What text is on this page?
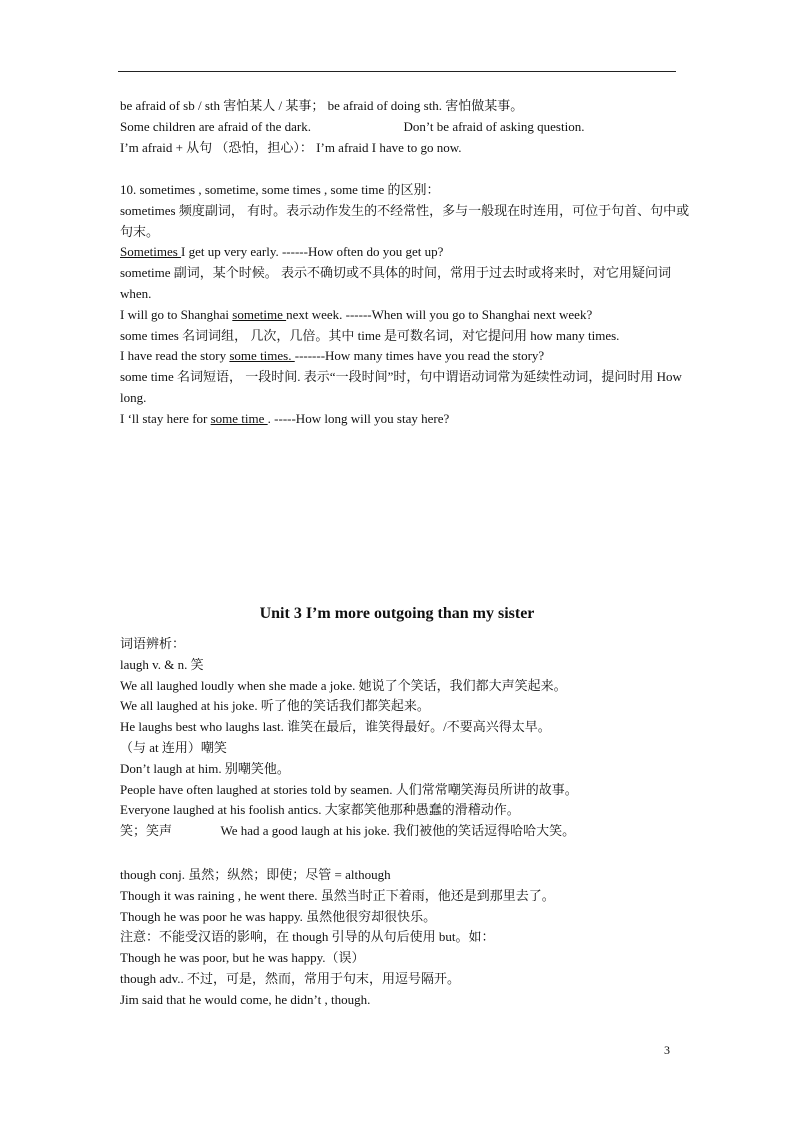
be afraid of sb / sth 害怕某人 / 某事； be afraid of doing sth. 害怕做某事。
Some children are afraid of the dark.	Don’t be afraid of asking question.
I’m afraid + 从句 （恐怕，担心）： I’m afraid I have to go now.
10. sometimes , sometime, some times , some time 的区别：
sometimes 频度副词， 有时。表示动作发生的不经常性，多与一般现在时连用，可位于句首、句中或句末。
Sometimes I get up very early. ------How often do you get up?
sometime 副词，某个时候。 表示不确切或不具体的时间，常用于过去时或将来时，对它用疑问词 when.
I will go to Shanghai sometime next week. ------When will you go to Shanghai next week?
some times 名词词组， 几次，几倍。其中 time 是可数名词，对它提问用 how many times.
I have read the story some times. -------How many times have you read the story?
some time 名词短语， 一段时间. 表示“一段时间”时，句中谓语动词常为延续性动词，提问时用 How long.
I ‘ll stay here for some time . -----How long will you stay here?
Unit 3 I’m more outgoing than my sister
词语辨析：
laugh v. & n. 笑
We all laughed loudly when she made a joke. 她说了个笑话，我们都大声笑起来。
We all laughed at his joke. 听了他的笑话我们都笑起来。
He laughs best who laughs last. 谁笑在最后，谁笑得最好。/不要高兴得太早。
（与 at 连用）嘲笑
Don’t laugh at him. 别嘲笑他。
People have often laughed at stories told by seamen. 人们常常嘲笑海员所讲的故事。
Everyone laughed at his foolish antics. 大家都笑他那种愚蠢的滑稽动作。
笑；笑声	We had a good laugh at his joke. 我们被他的笑话逗得哈哈大笑。
though conj. 虽然；纵然；即使；尽管 = although
Though it was raining , he went there. 虽然当时正下着雨，他还是到那里去了。
Though he was poor he was happy. 虽然他很穷却很快乐。
注意：不能受汉语的影响，在 though 引导的从句后使用 but。如：
Though he was poor, but he was happy.（误）
though adv.. 不过，可是，然而，常用于句末，用逗号隔开。
Jim said that he would come, he didn’t , though.
3
